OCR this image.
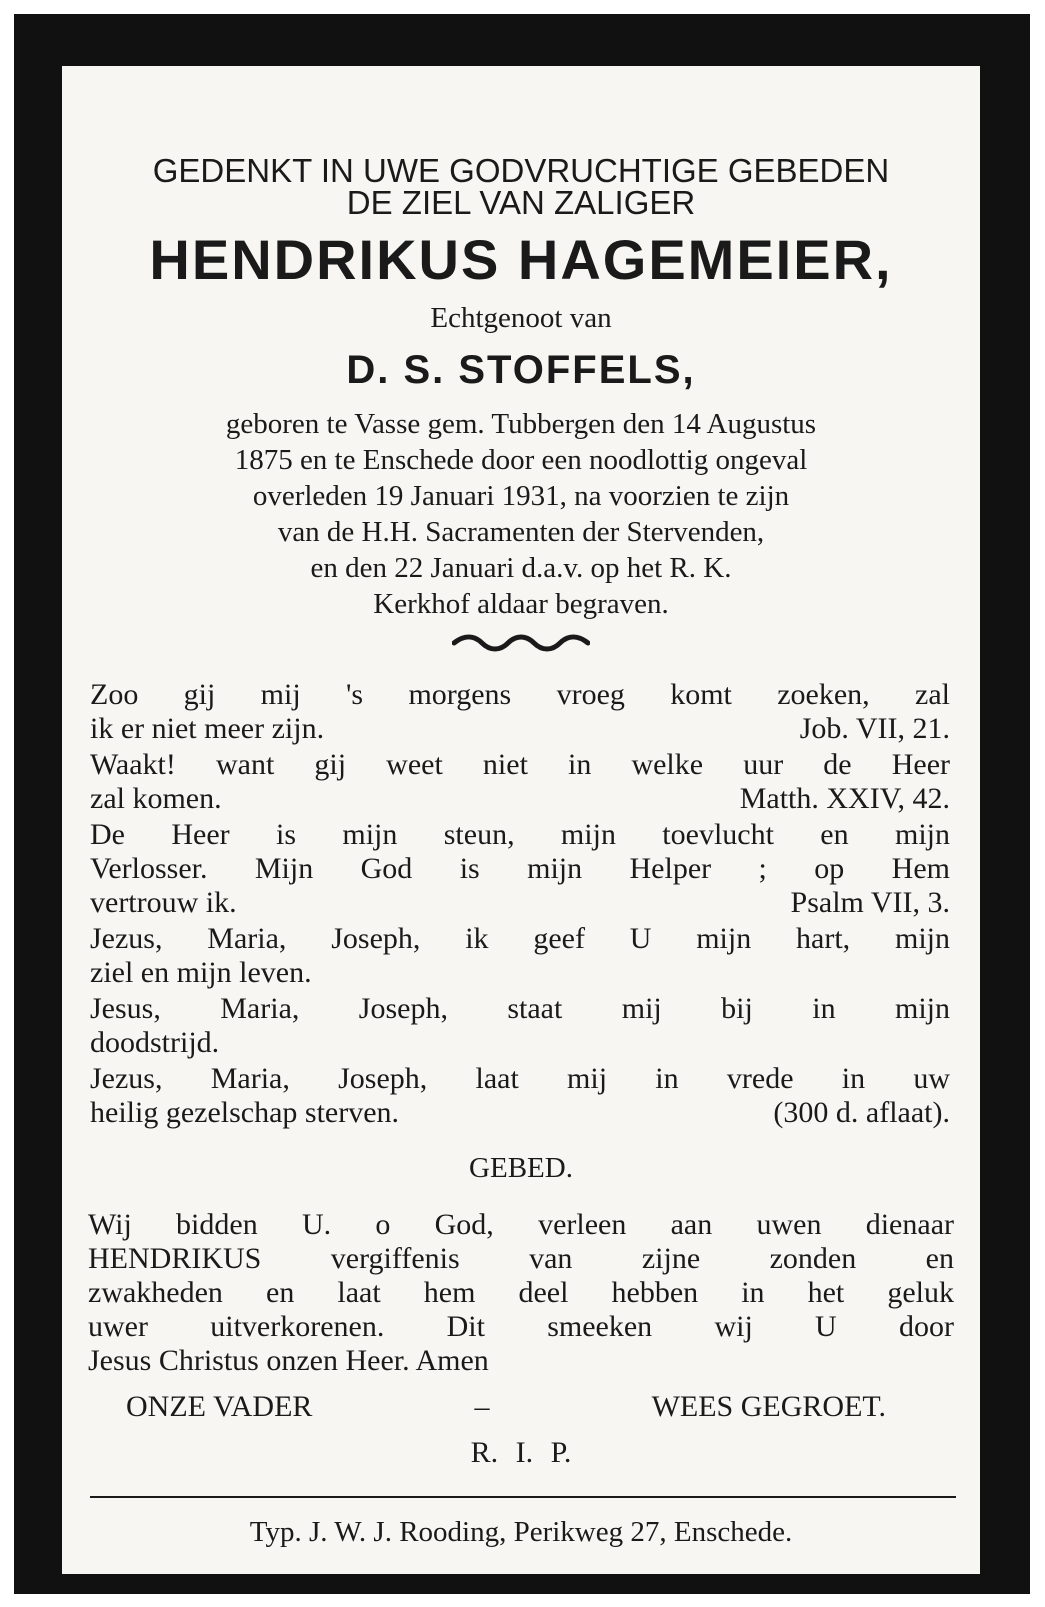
GEDENKT IN UWE GODVRUCHTIGE GEBEDEN
DE ZIEL VAN ZALIGER
HENDRIKUS HAGEMEIER,
Echtgenoot van
D. S. STOFFELS,
geboren te Vasse gem. Tubbergen den 14 Augustus
1875 en te Enschede door een noodlottig ongeval
overleden 19 Januari 1931, na voorzien te zijn
van de H.H. Sacramenten der Stervenden,
en den 22 Januari d.a.v. op het R. K.
Kerkhof aldaar begraven.
Zoo gij mij 's morgens vroeg komt zoeken, zal
ik er niet meer zijn.	Job. VII, 21.
Waakt! want gij weet niet in welke uur de Heer
zal komen.	Matth. XXIV, 42.
De Heer is mijn steun, mijn toevlucht en mijn
Verlosser. Mijn God is mijn Helper ; op Hem
vertrouw ik.	Psalm VII, 3.
Jezus, Maria, Joseph, ik geef U mijn hart, mijn
ziel en mijn leven.
Jesus, Maria, Joseph, staat mij bij in mijn
doodstrijd.
Jezus, Maria, Joseph, laat mij in vrede in uw
heilig gezelschap sterven.	(300 d. aflaat).
GEBED.
Wij bidden U. o God, verleen aan uwen dienaar
HENDRIKUS vergiffenis van zijne zonden en
zwakheden en laat hem deel hebben in het geluk
uwer uitverkorenen. Dit smeeken wij U door
Jesus Christus onzen Heer. Amen
ONZE VADER	–	WEES GEGROET.
R. I. P.
Typ. J. W. J. Rooding, Perikweg 27, Enschede.
